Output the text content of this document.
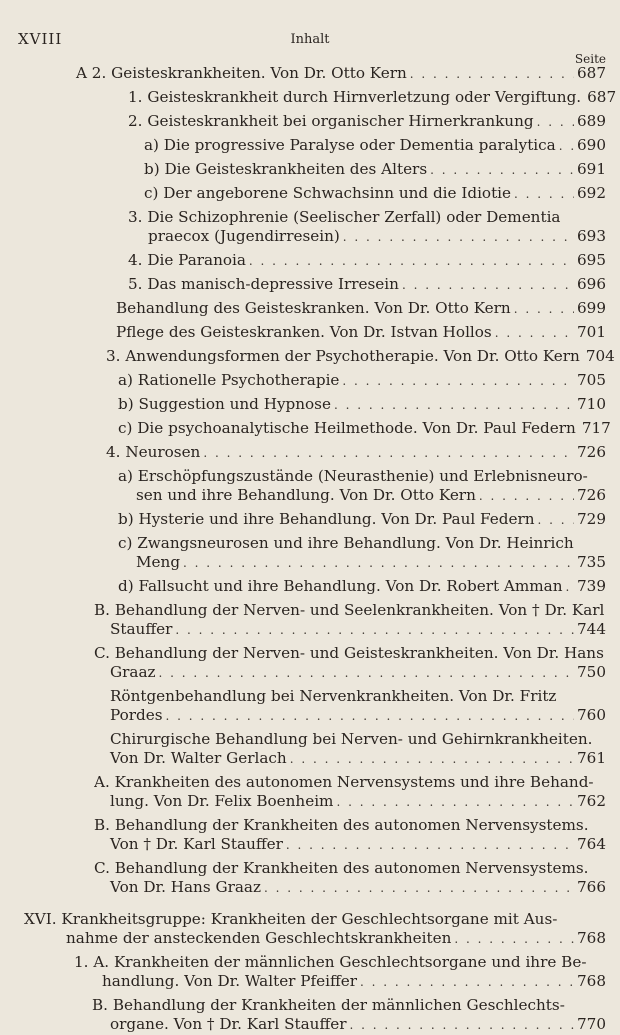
XVIII	Inhalt
Seite
A 2. Geisteskrankheiten. Von Dr. Otto Kern . . .	687
1. Geisteskrankheit durch Hirnverletzung oder Vergiftung. 687
2. Geisteskrankheit bei organischer Hirnerkrankung . . .	689
a) Die progressive Paralyse oder Dementia paralytica . . . 690
b) Die Geisteskrankheiten des Alters . . .	691
c) Der angeborene Schwachsinn und die Idiotie . . .	692
3. Die Schizophrenie (Seelischer Zerfall) oder Dementia
praecox (Jugendirresein) . . .	693
4. Die Paranoia . . .	695
5. Das manisch-depressive Irresein . . .	696
Behandlung des Geisteskranken. Von Dr. Otto Kern . . .	699
Pflege des Geisteskranken. Von Dr. Istvan Hollos . . .	701
3. Anwendungsformen der Psychotherapie. Von Dr. Otto Kern 704
a) Rationelle Psychotherapie . . .	705
b) Suggestion und Hypnose . . .	710
c) Die psychoanalytische Heilmethode. Von Dr. Paul Federn 717
4. Neurosen . . .	726
a) Erschöpfungszustände (Neurasthenie) und Erlebnisneuro-
sen und ihre Behandlung. Von Dr. Otto Kern . . .	726
b) Hysterie und ihre Behandlung. Von Dr. Paul Federn . . .	729
c) Zwangsneurosen und ihre Behandlung. Von Dr. Heinrich
Meng . . .	735
d) Fallsucht und ihre Behandlung. Von Dr. Robert Amman . . . 739
B. Behandlung der Nerven- und Seelenkrankheiten. Von † Dr. Karl
Stauffer . . .	744
C. Behandlung der Nerven- und Geisteskrankheiten. Von Dr. Hans
Graaz . . .	750
Röntgenbehandlung bei Nervenkrankheiten. Von Dr. Fritz
Pordes . . .	760
Chirurgische Behandlung bei Nerven- und Gehirnkrankheiten.
Von Dr. Walter Gerlach . . .	761
A. Krankheiten des autonomen Nervensystems und ihre Behand-
lung. Von Dr. Felix Boenheim . . .	762
B. Behandlung der Krankheiten des autonomen Nervensystems.
Von † Dr. Karl Stauffer . . .	764
C. Behandlung der Krankheiten des autonomen Nervensystems.
Von Dr. Hans Graaz . . .	766
XVI. Krankheitsgruppe: Krankheiten der Geschlechtsorgane mit Aus-
nahme der ansteckenden Geschlechtskrankheiten . . .	768
1. A. Krankheiten der männlichen Geschlechtsorgane und ihre Be-
handlung. Von Dr. Walter Pfeiffer . . .	768
B. Behandlung der Krankheiten der männlichen Geschlechts-
organe. Von † Dr. Karl Stauffer . . .	770
